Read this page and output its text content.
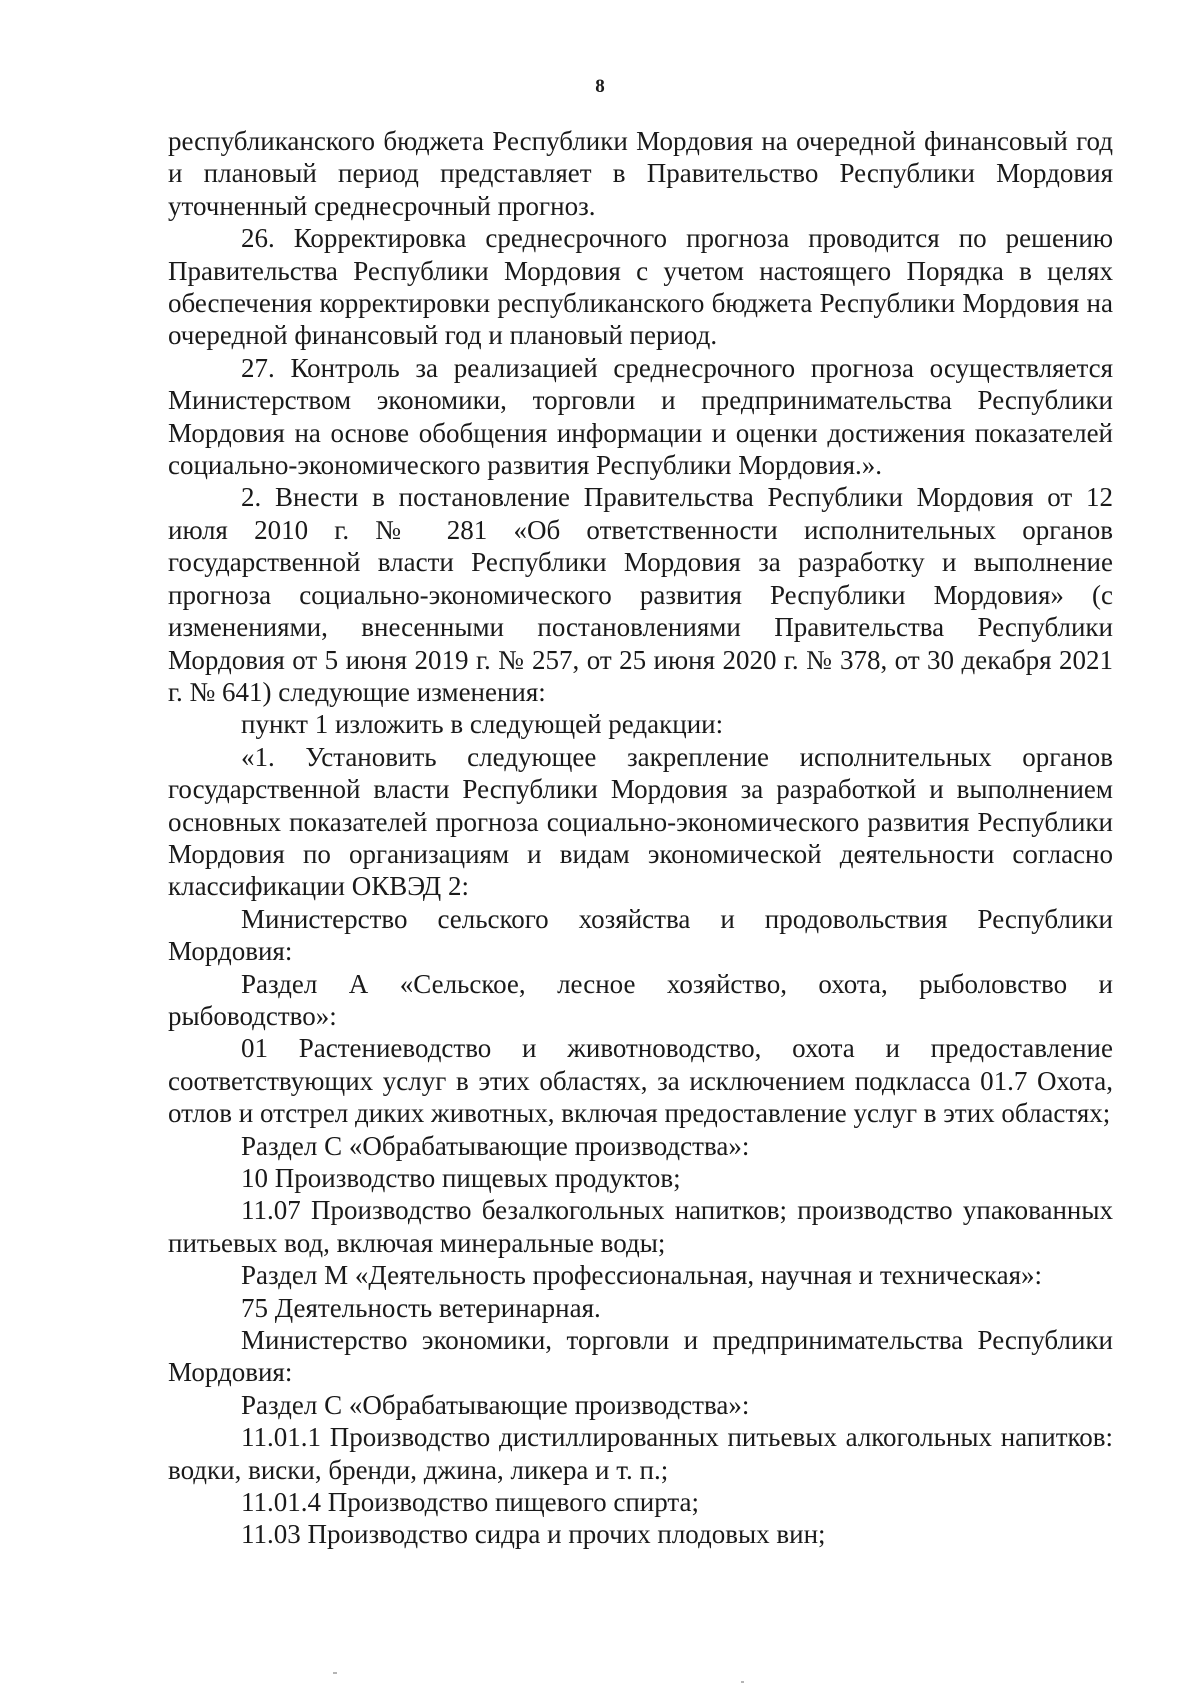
8

республиканского бюджета Республики Мордовия на очередной финансовый год и плановый период представляет в Правительство Республики Мордовия уточненный среднесрочный прогноз.

26. Корректировка среднесрочного прогноза проводится по решению Правительства Республики Мордовия с учетом настоящего Порядка в целях обеспечения корректировки республиканского бюджета Республики Мордовия на очередной финансовый год и плановый период.

27. Контроль за реализацией среднесрочного прогноза осуществляется Министерством экономики, торговли и предпринимательства Республики Мордовия на основе обобщения информации и оценки достижения показателей социально-экономического развития Республики Мордовия.».

2. Внести в постановление Правительства Республики Мордовия от 12 июля 2010 г. № 281 «Об ответственности исполнительных органов государственной власти Республики Мордовия за разработку и выполнение прогноза социально-экономического развития Республики Мордовия» (с изменениями, внесенными постановлениями Правительства Республики Мордовия от 5 июня 2019 г. № 257, от 25 июня 2020 г. № 378, от 30 декабря 2021 г. № 641) следующие изменения:

пункт 1 изложить в следующей редакции:

«1. Установить следующее закрепление исполнительных органов государственной власти Республики Мордовия за разработкой и выполнением основных показателей прогноза социально-экономического развития Республики Мордовия по организациям и видам экономической деятельности согласно классификации ОКВЭД 2:

Министерство сельского хозяйства и продовольствия Республики Мордовия:

Раздел А «Сельское, лесное хозяйство, охота, рыболовство и рыбоводство»:

01 Растениеводство и животноводство, охота и предоставление соответствующих услуг в этих областях, за исключением подкласса 01.7 Охота, отлов и отстрел диких животных, включая предоставление услуг в этих областях;

Раздел С «Обрабатывающие производства»:

10 Производство пищевых продуктов;

11.07 Производство безалкогольных напитков; производство упакованных питьевых вод, включая минеральные воды;

Раздел М «Деятельность профессиональная, научная и техническая»:

75 Деятельность ветеринарная.

Министерство экономики, торговли и предпринимательства Республики Мордовия:

Раздел С «Обрабатывающие производства»:

11.01.1 Производство дистиллированных питьевых алкогольных напитков: водки, виски, бренди, джина, ликера и т. п.;

11.01.4 Производство пищевого спирта;

11.03 Производство сидра и прочих плодовых вин;
